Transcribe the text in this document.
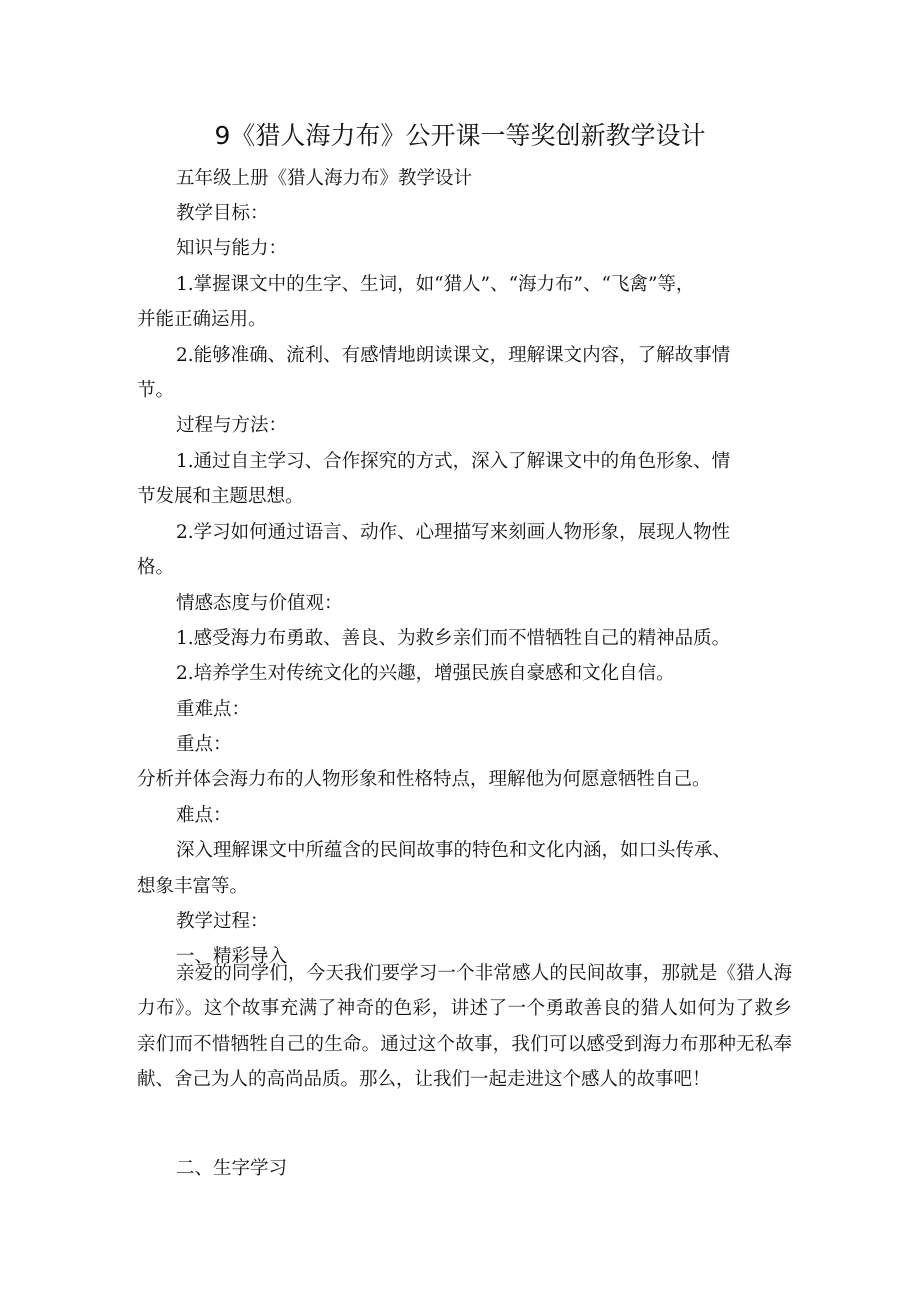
9《猎人海力布》公开课一等奖创新教学设计
五年级上册《猎人海力布》教学设计
教学目标：
知识与能力：
1.掌握课文中的生字、生词，如“猎人”、“海力布”、“飞禽”等，
并能正确运用。
2.能够准确、流利、有感情地朗读课文，理解课文内容，了解故事情
节。
过程与方法：
1.通过自主学习、合作探究的方式，深入了解课文中的角色形象、情
节发展和主题思想。
2.学习如何通过语言、动作、心理描写来刻画人物形象，展现人物性
格。
情感态度与价值观：
1.感受海力布勇敢、善良、为救乡亲们而不惜牺牲自己的精神品质。
2.培养学生对传统文化的兴趣，增强民族自豪感和文化自信。
重难点：
重点：
分析并体会海力布的人物形象和性格特点，理解他为何愿意牺牲自己。
难点：
深入理解课文中所蕴含的民间故事的特色和文化内涵，如口头传承、
想象丰富等。
教学过程：
一、精彩导入
亲爱的同学们，今天我们要学习一个非常感人的民间故事，那就是《猎人海力布》。这个故事充满了神奇的色彩，讲述了一个勇敢善良的猎人如何为了救乡亲们而不惜牺牲自己的生命。通过这个故事，我们可以感受到海力布那种无私奉献、舍己为人的高尚品质。那么，让我们一起走进这个感人的故事吧！
二、生字学习
